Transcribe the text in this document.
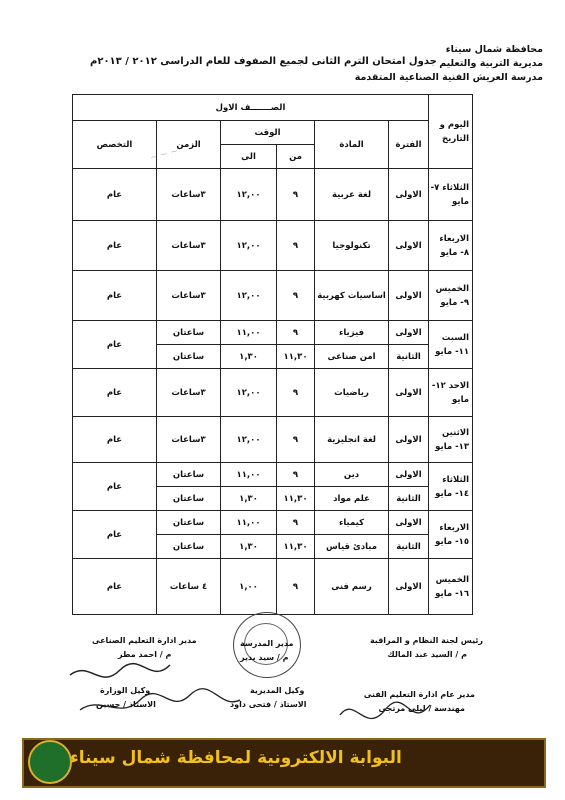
~ ~ ~
محافظة شمال سيناء
مديرية التربية والتعليم
مدرسة العريش الفنية الصناعية المتقدمة
جدول امتحان الترم الثانى لجميع الصفوف للعام الدراسى ٢٠١٢ / ٢٠١٣م
اليوم و التاريخ	الصـــــــف الاول					
	الفترة	المادة	الوقت		الزمن	التخصص
			من	الى		
الثلاثاء ٧- مايو	الاولى	لغة عربية	٩	١٢,٠٠	٣ساعات	عام
الاربعاء ٨- مايو	الاولى	تكنولوجيا	٩	١٢,٠٠	٣ساعات	عام
الخميس ٩- مايو	الاولى	اساسيات كهربية	٩	١٢,٠٠	٣ساعات	عام
السبت ١١- مايو	الاولى	فيزياء	٩	١١,٠٠	ساعتان	عام
	الثانية	امن صناعى	١١,٣٠	١,٣٠	ساعتان	
الاحد ١٢- مايو	الاولى	رياضيات	٩	١٢,٠٠	٣ساعات	عام
الاثنين ١٣- مايو	الاولى	لغة انجليزية	٩	١٢,٠٠	٣ساعات	عام
الثلاثاء ١٤- مايو	الاولى	دين	٩	١١,٠٠	ساعتان	عام
	الثانية	علم مواد	١١,٣٠	١,٣٠	ساعتان	
الاربعاء ١٥- مايو	الاولى	كيمياء	٩	١١,٠٠	ساعتان	عام
	الثانية	مبادئ قياس	١١,٣٠	١,٣٠	ساعتان	
الخميس ١٦- مايو	الاولى	رسم فنى	٩	١,٠٠	٤ ساعات	عام
رئيس لجنة النظام و المراقبة
م / السيد عبد المالك
مدير عام ادارة التعليم الفنى
مهندسة / ليلى مرتجى
مدير المدرسة
م / سيد بدير
وكيل المديرية
الاستاذ / فتحى داود
مدير ادارة التعليم الصناعى
م / احمد مطر
وكيل الوزارة
الاستاذ / حسين
البوابة الالكترونية لمحافظة شمال سيناء
